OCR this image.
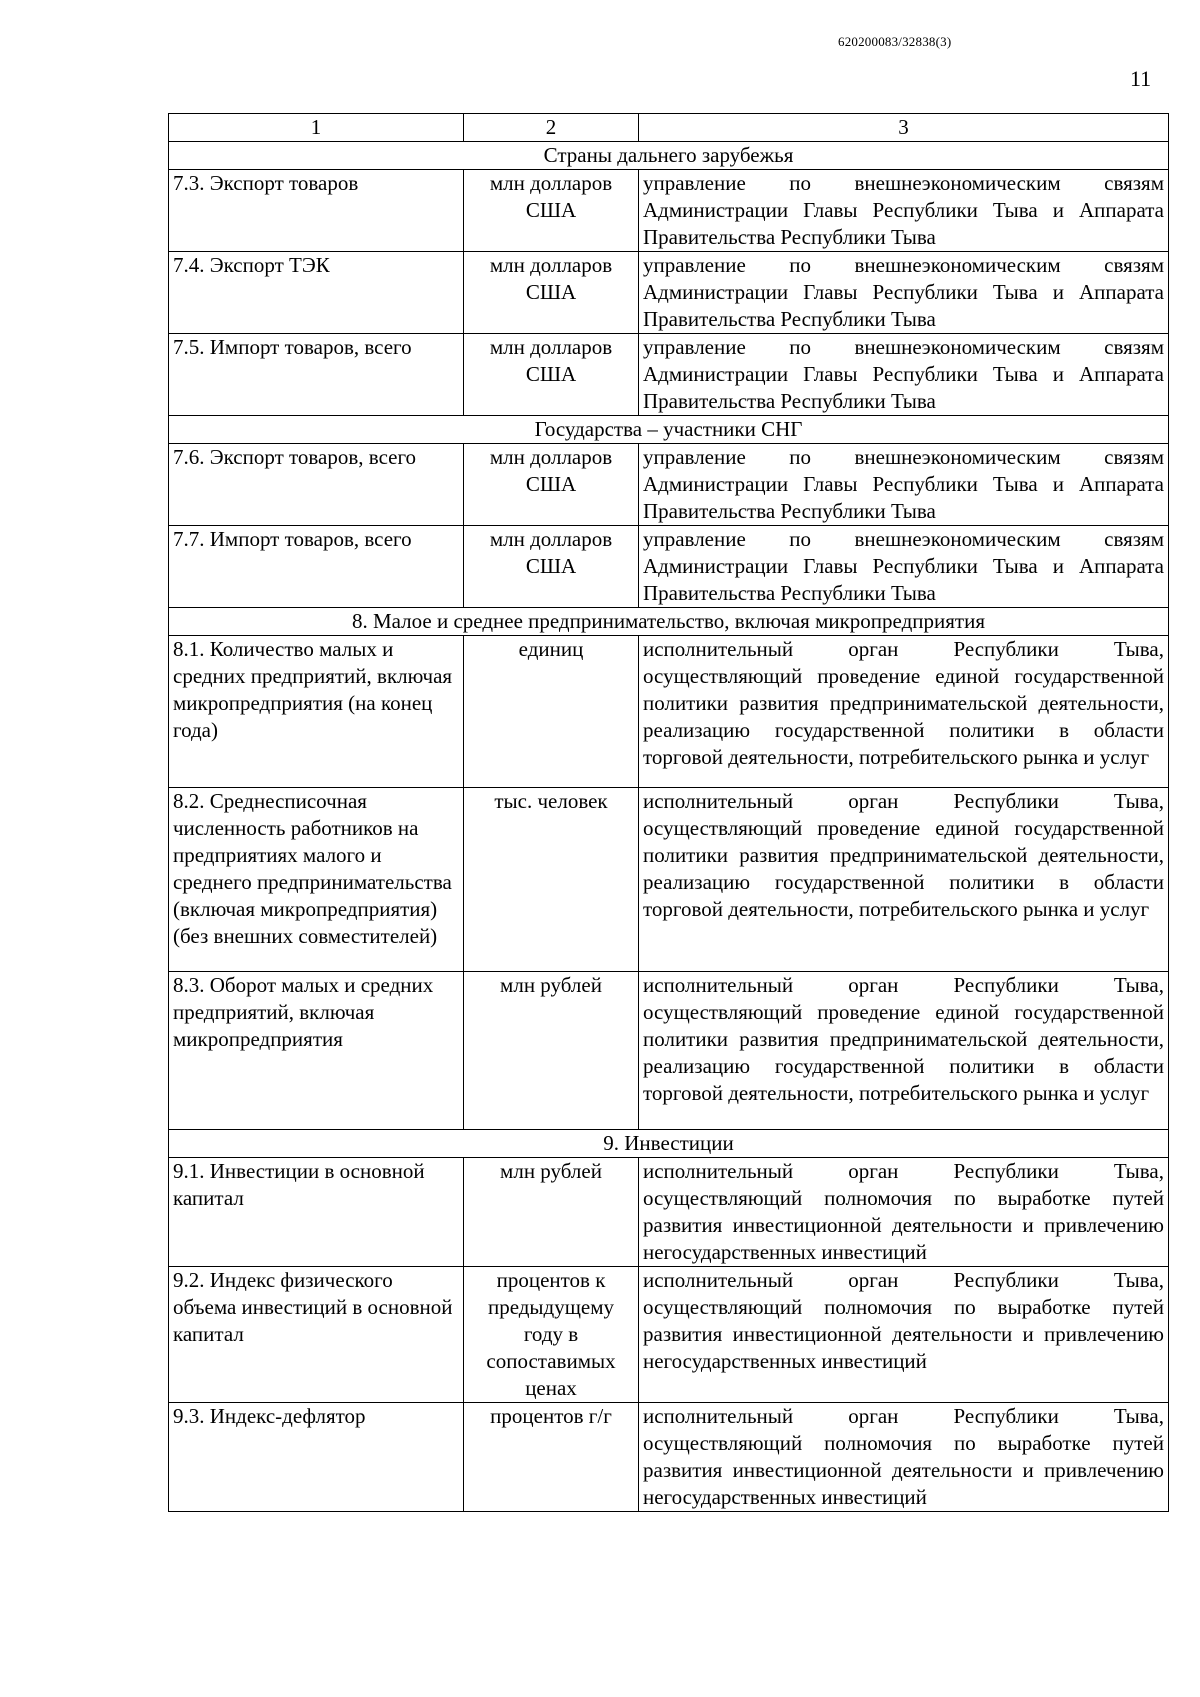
620200083/32838(3)
11
1	2	3
Страны дальнего зарубежья		
7.3. Экспорт товаров	млн долларов США	управление по внешнеэкономическим связям Администрации Главы Республики Тыва и Аппарата Правительства Республики Тыва
7.4. Экспорт ТЭК	млн долларов США	управление по внешнеэкономическим связям Администрации Главы Республики Тыва и Аппарата Правительства Республики Тыва
7.5. Импорт товаров, всего	млн долларов США	управление по внешнеэкономическим связям Администрации Главы Республики Тыва и Аппарата Правительства Республики Тыва
Государства – участники СНГ		
7.6. Экспорт товаров, всего	млн долларов США	управление по внешнеэкономическим связям Администрации Главы Республики Тыва и Аппарата Правительства Республики Тыва
7.7. Импорт товаров, всего	млн долларов США	управление по внешнеэкономическим связям Администрации Главы Республики Тыва и Аппарата Правительства Республики Тыва
8. Малое и среднее предпринимательство, включая микропредприятия		
8.1. Количество малых и средних предприятий, включая микропредприятия (на конец года)	единиц	исполнительный орган Республики Тыва, осуществляющий проведение единой государственной политики развития предпринимательской деятельности, реализацию государственной политики в области торговой деятельности, потребительского рынка и услуг
8.2. Среднесписочная численность работников на предприятиях малого и среднего предпринимательства (включая микропредприятия) (без внешних совместителей)	тыс. человек	исполнительный орган Республики Тыва, осуществляющий проведение единой государственной политики развития предпринимательской деятельности, реализацию государственной политики в области торговой деятельности, потребительского рынка и услуг
8.3. Оборот малых и средних предприятий, включая микропредприятия	млн рублей	исполнительный орган Республики Тыва, осуществляющий проведение единой государственной политики развития предпринимательской деятельности, реализацию государственной политики в области торговой деятельности, потребительского рынка и услуг
9. Инвестиции		
9.1. Инвестиции в основной капитал	млн рублей	исполнительный орган Республики Тыва, осуществляющий полномочия по выработке путей развития инвестиционной деятельности и привлечению негосударственных инвестиций
9.2. Индекс физического объема инвестиций в основной капитал	процентов к предыдущему году в сопоставимых ценах	исполнительный орган Республики Тыва, осуществляющий полномочия по выработке путей развития инвестиционной деятельности и привлечению негосударственных инвестиций
9.3. Индекс-дефлятор	процентов г/г	исполнительный орган Республики Тыва, осуществляющий полномочия по выработке путей развития инвестиционной деятельности и привлечению негосударственных инвестиций
